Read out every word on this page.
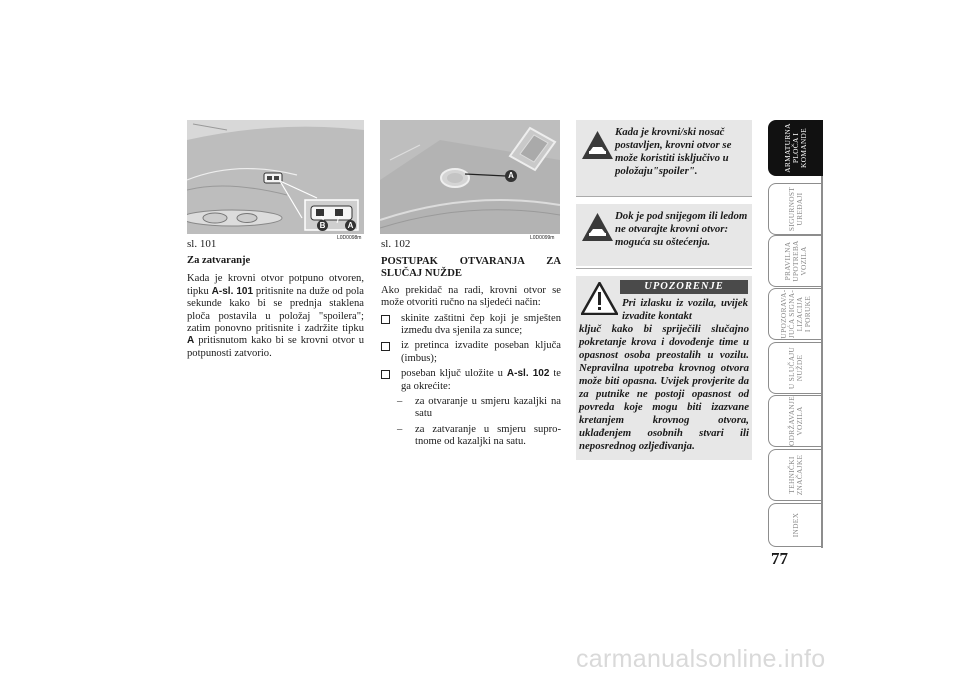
A
B
L0D0098m
sl. 101
A
L0D0099m
sl. 102
Za zatvaranje
Kada je krovni otvor potpuno otvoren, tipku A-sl. 101 pritisnite na duže od pola sekunde kako bi se prednja staklena ploča postavila u položaj "spoilera"; zatim ponovno pritisnite i zadržite tipku A pritisnutom kako bi se krovni otvor u potpunosti zatvorio.
POSTUPAK OTVARANJA ZA SLUČAJ NUŽDE
Ako prekidač na radi, krovni otvor se može otvoriti ručno na sljedeći način:
skinite zaštitni čep koji je smješten između dva sjenila za sunce;
iz pretinca izvadite poseban ključa (imbus);
poseban ključ uložite u A-sl. 102 te ga okrećite:
– za otvaranje u smjeru kazaljki na satu
– za zatvaranje u smjeru suprotnome od kazaljki na satu.
Kada je krovni/ski nosač postavljen, krovni otvor se može koristiti isključivo u položaju"spoiler".
Dok je pod snijegom ili ledom ne otvarajte krovni otvor: moguća su oštećenja.
UPOZORENJE
Pri izlasku iz vozila, uvijek izvadite kontakt
ključ kako bi spriječili slučajno pokretanje krova i dovođenje time u opasnost osoba preostalih u vozilu. Nepravilna upotreba krovnog otvora može biti opasna. Uvijek provjerite da za putnike ne postoji opasnost od povreda koje mogu biti izazvane kretanjem krovnog otvora, uklađenjem osobnih stvari ili neposrednog ozljeđivanja.
ARMATURNA
PLOČA I
KOMANDE
SIGURNOST
UREĐAJI
PRAVILNA
UPOTREBA
VOZILA
UPOZORAVA-
JUĆA SIGNA-
LIZACIJA
I PORUKE
U SLUČAJU
NUŽDE
ODRŽAVANJE
VOZILA
TEHNIČKI
ZNAČAJKE
INDEX
77
carmanualsonline.info
